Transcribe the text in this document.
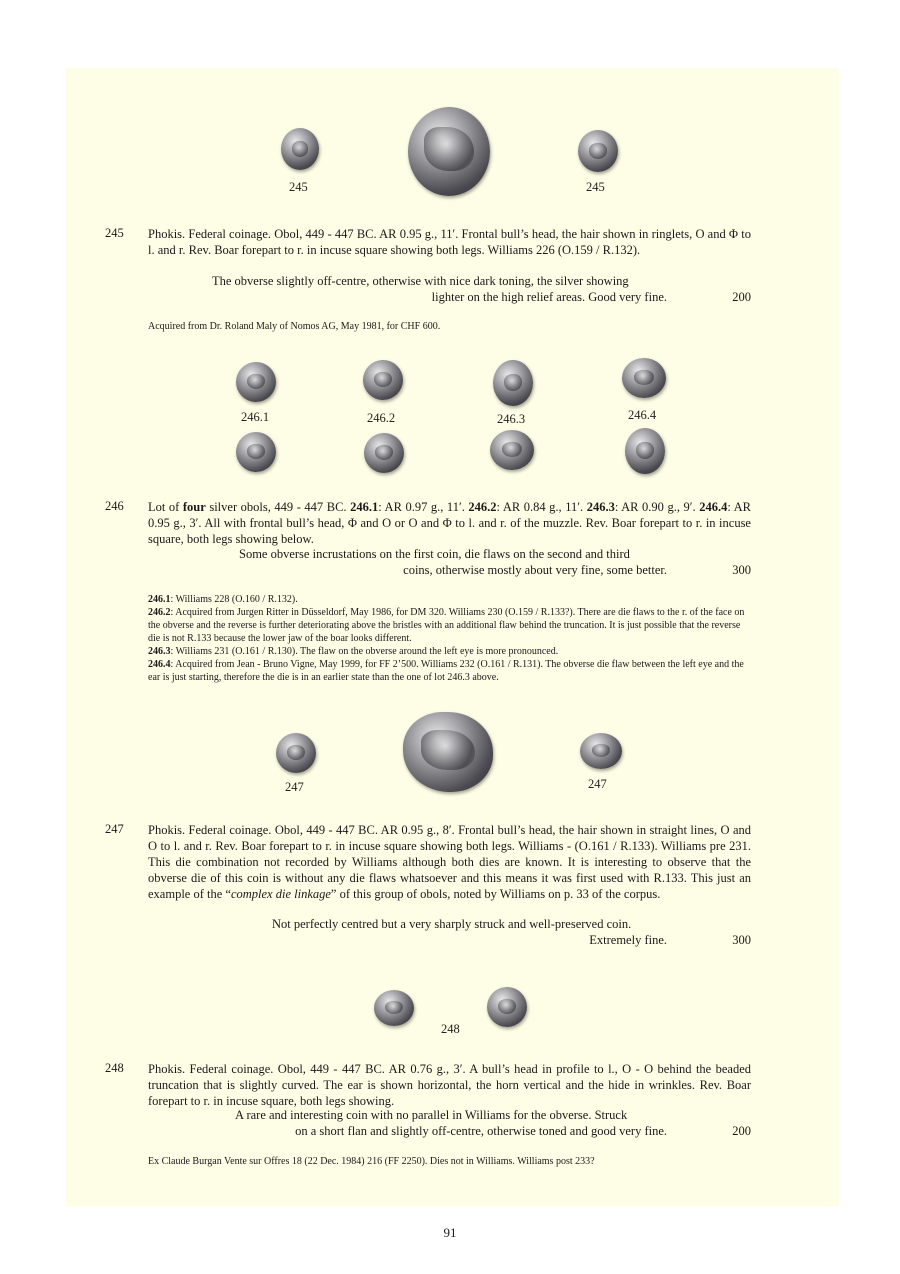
245	245
245 Phokis. Federal coinage. Obol, 449 - 447 BC. AR 0.95 g., 11′. Frontal bull’s head, the hair shown in ringlets, O and Φ to l. and r. Rev. Boar forepart to r. in incuse square showing both legs. Williams 226 (O.159 / R.132).
The obverse slightly off-centre, otherwise with nice dark toning, the silver showing
lighter on the high relief areas. Good very fine.	200
Acquired from Dr. Roland Maly of Nomos AG, May 1981, for CHF 600.
246.1	246.2	246.3	246.4
246 Lot of four silver obols, 449 - 447 BC. 246.1: AR 0.97 g., 11′. 246.2: AR 0.84 g., 11′. 246.3: AR 0.90 g., 9′. 246.4: AR 0.95 g., 3′. All with frontal bull’s head, Φ and O or O and Φ to l. and r. of the muzzle. Rev. Boar forepart to r. in incuse square, both legs showing below.
Some obverse incrustations on the first coin, die flaws on the second and third
coins, otherwise mostly about very fine, some better.	300

246.1: Williams 228 (O.160 / R.132).

246.2: Acquired from Jurgen Ritter in Düsseldorf, May 1986, for DM 320. Williams 230 (O.159 / R.133?). There are die flaws to the r. of the face on the obverse and the reverse is further deteriorating above the bristles with an additional flaw behind the truncation. It is just possible that the reverse die is not R.133 because the lower jaw of the boar looks different.

246.3: Williams 231 (O.161 / R.130). The flaw on the obverse around the left eye is more pronounced.

246.4: Acquired from Jean - Bruno Vigne, May 1999, for FF 2’500. Williams 232 (O.161 / R.131). The obverse die flaw between the left eye and the ear is just starting, therefore the die is in an earlier state than the one of lot 246.3 above.

247	247
247 Phokis. Federal coinage. Obol, 449 - 447 BC. AR 0.95 g., 8′. Frontal bull’s head, the hair shown in straight lines, O and O to l. and r. Rev. Boar forepart to r. in incuse square showing both legs. Williams - (O.161 / R.133). Williams pre 231. This die combination not recorded by Williams although both dies are known. It is interesting to observe that the obverse die of this coin is without any die flaws whatsoever and this means it was first used with R.133. This just an example of the “complex die linkage” of this group of obols, noted by Williams on p. 33 of the corpus.
Not perfectly centred but a very sharply struck and well-preserved coin.
Extremely fine.	300
248
248 Phokis. Federal coinage. Obol, 449 - 447 BC. AR 0.76 g., 3′. A bull’s head in profile to l., O - O behind the beaded truncation that is slightly curved. The ear is shown horizontal, the horn vertical and the hide in wrinkles. Rev. Boar forepart to r. in incuse square, both legs showing.
A rare and interesting coin with no parallel in Williams for the obverse. Struck
on a short flan and slightly off-centre, otherwise toned and good very fine.	200
Ex Claude Burgan Vente sur Offres 18 (22 Dec. 1984) 216 (FF 2250). Dies not in Williams. Williams post 233?
91
